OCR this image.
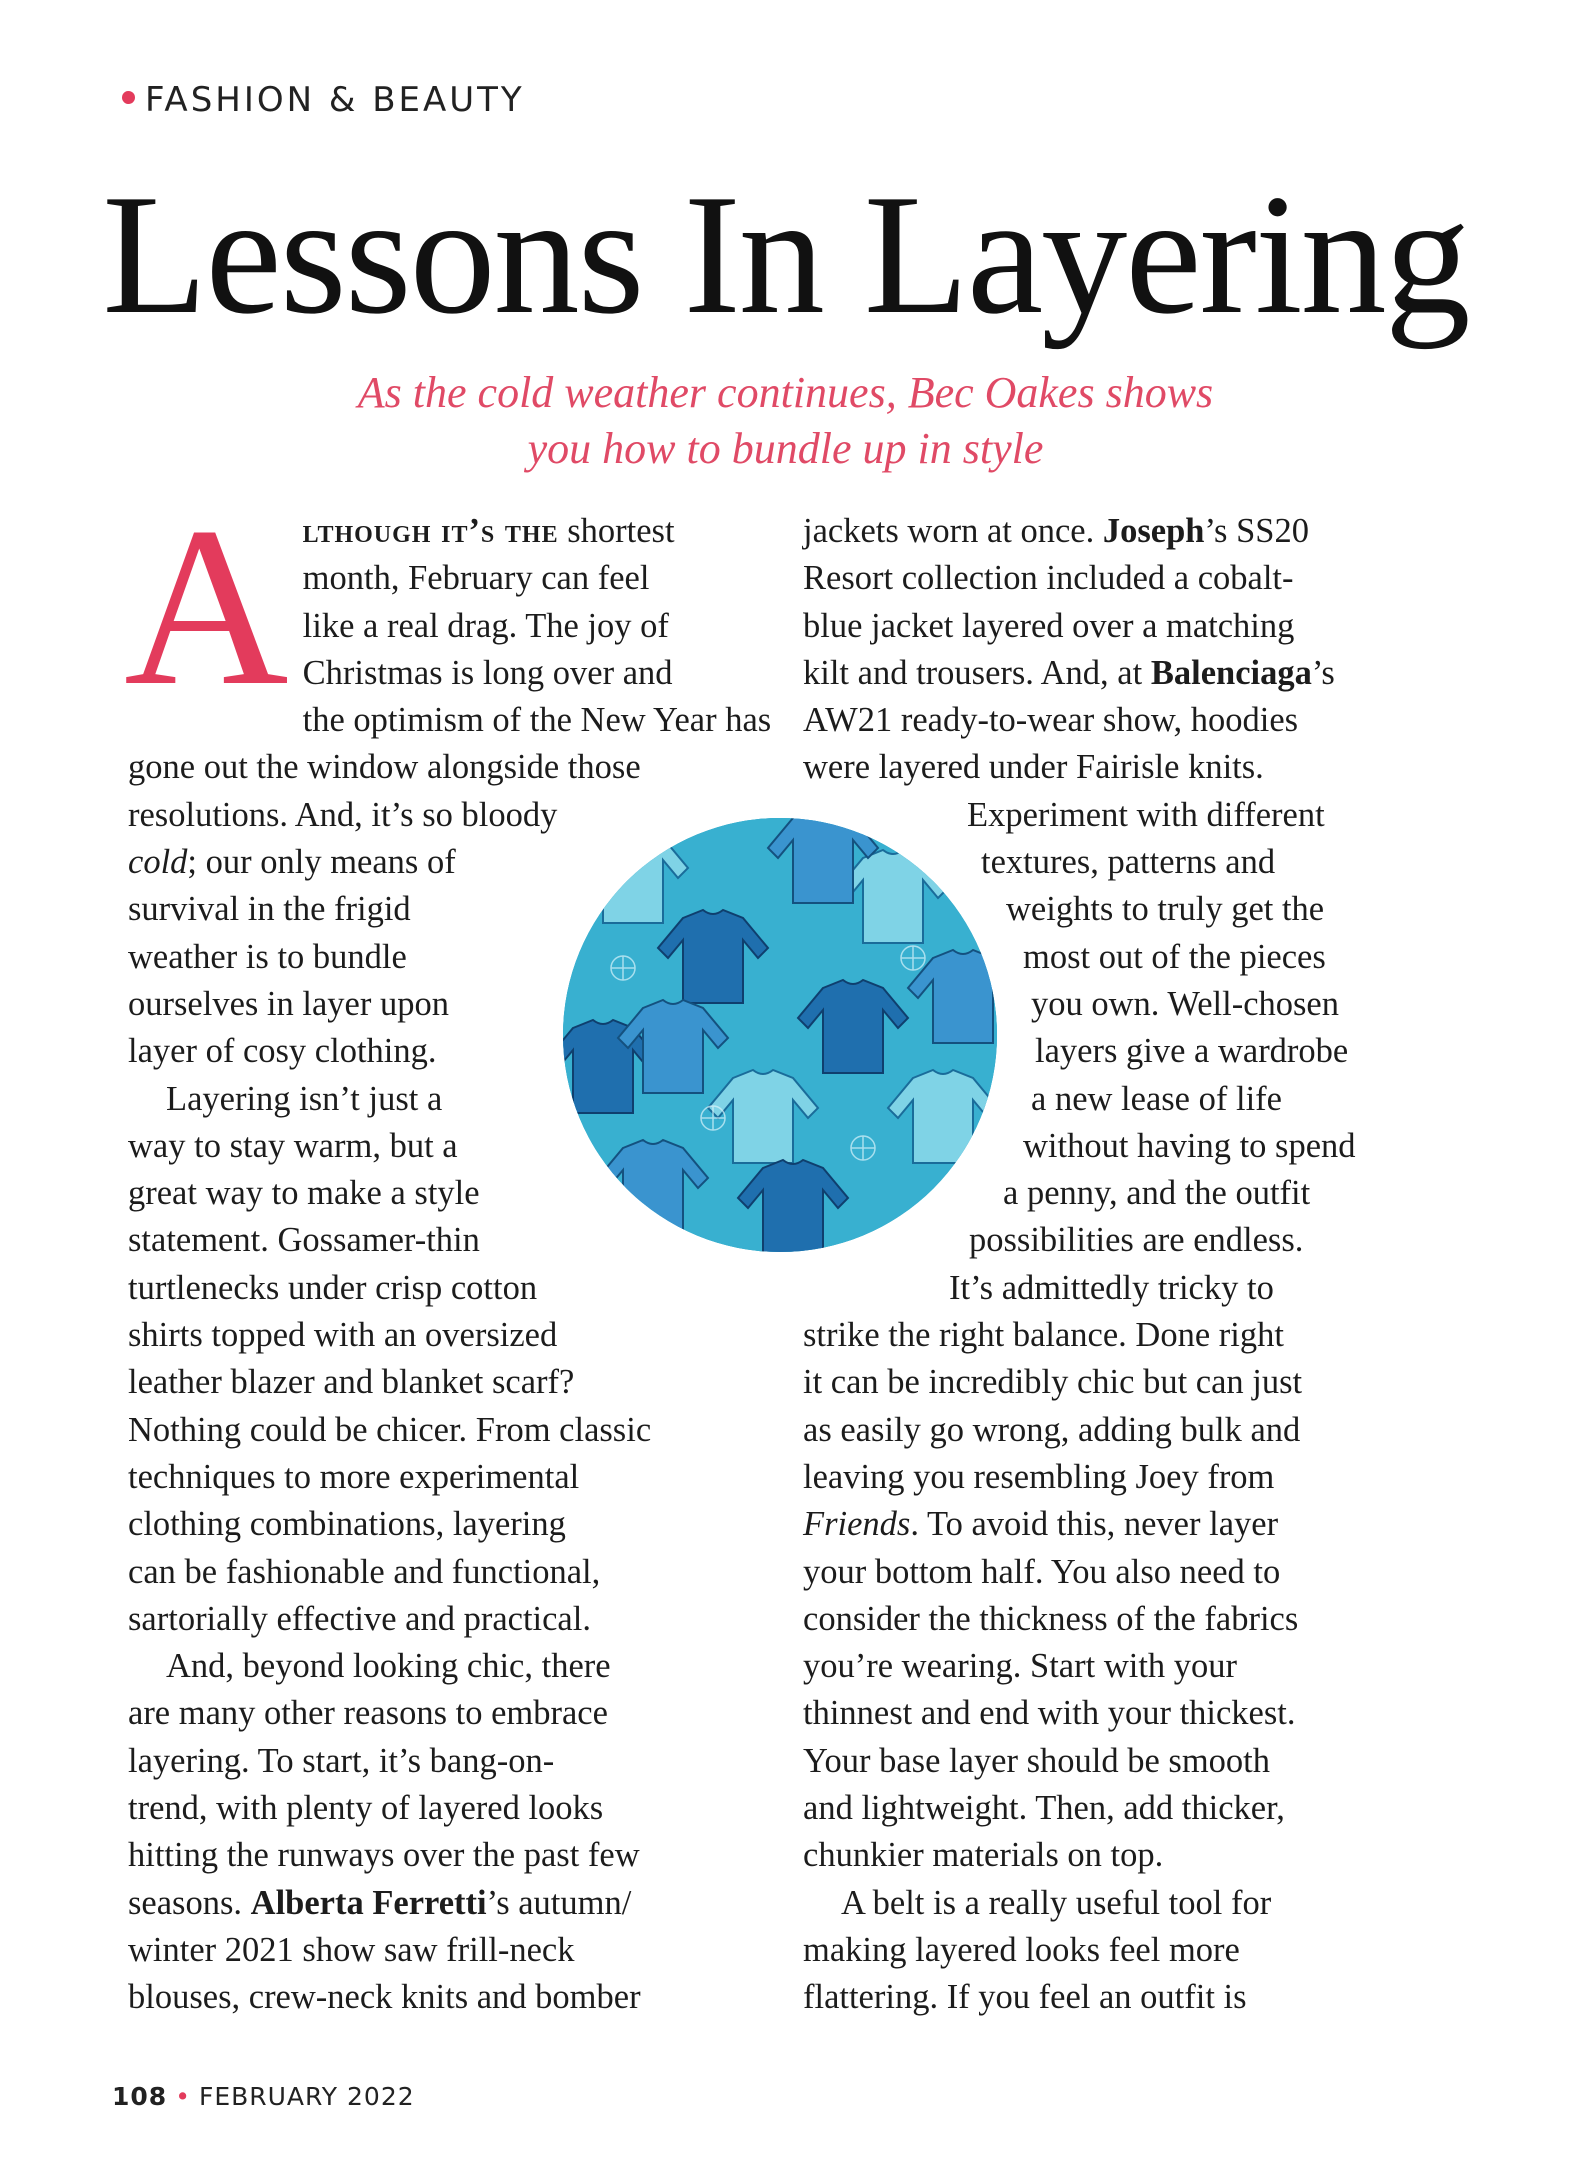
FASHION & BEAUTY
Lessons In Layering
As the cold weather continues, Bec Oakes shows
you how to bundle up in style
A lthough it’s the shortest
month, February can feel
like a real drag. The joy of
Christmas is long over and
the optimism of the New Year has
gone out the window alongside those
resolutions. And, it’s so bloody
cold; our only means of
survival in the frigid
weather is to bundle
ourselves in layer upon
layer of cosy clothing.
Layering isn’t just a
way to stay warm, but a
great way to make a style
statement. Gossamer-thin
turtlenecks under crisp cotton
shirts topped with an oversized
leather blazer and blanket scarf?
Nothing could be chicer. From classic
techniques to more experimental
clothing combinations, layering
can be fashionable and functional,
sartorially effective and practical.
And, beyond looking chic, there
are many other reasons to embrace
layering. To start, it’s bang-on-
trend, with plenty of layered looks
hitting the runways over the past few
seasons. Alberta Ferretti’s autumn/
winter 2021 show saw frill-neck
blouses, crew-neck knits and bomber
jackets worn at once. Joseph’s SS20
Resort collection included a cobalt-
blue jacket layered over a matching
kilt and trousers. And, at Balenciaga’s
AW21 ready-to-wear show, hoodies
were layered under Fairisle knits.
Experiment with different
textures, patterns and
weights to truly get the
most out of the pieces
you own. Well-chosen
layers give a wardrobe
a new lease of life
without having to spend
a penny, and the outfit
possibilities are endless.
It’s admittedly tricky to
strike the right balance. Done right
it can be incredibly chic but can just
as easily go wrong, adding bulk and
leaving you resembling Joey from
Friends. To avoid this, never layer
your bottom half. You also need to
consider the thickness of the fabrics
you’re wearing. Start with your
thinnest and end with your thickest.
Your base layer should be smooth
and lightweight. Then, add thicker,
chunkier materials on top.
A belt is a really useful tool for
making layered looks feel more
flattering. If you feel an outfit is
108 • FEBRUARY 2022
